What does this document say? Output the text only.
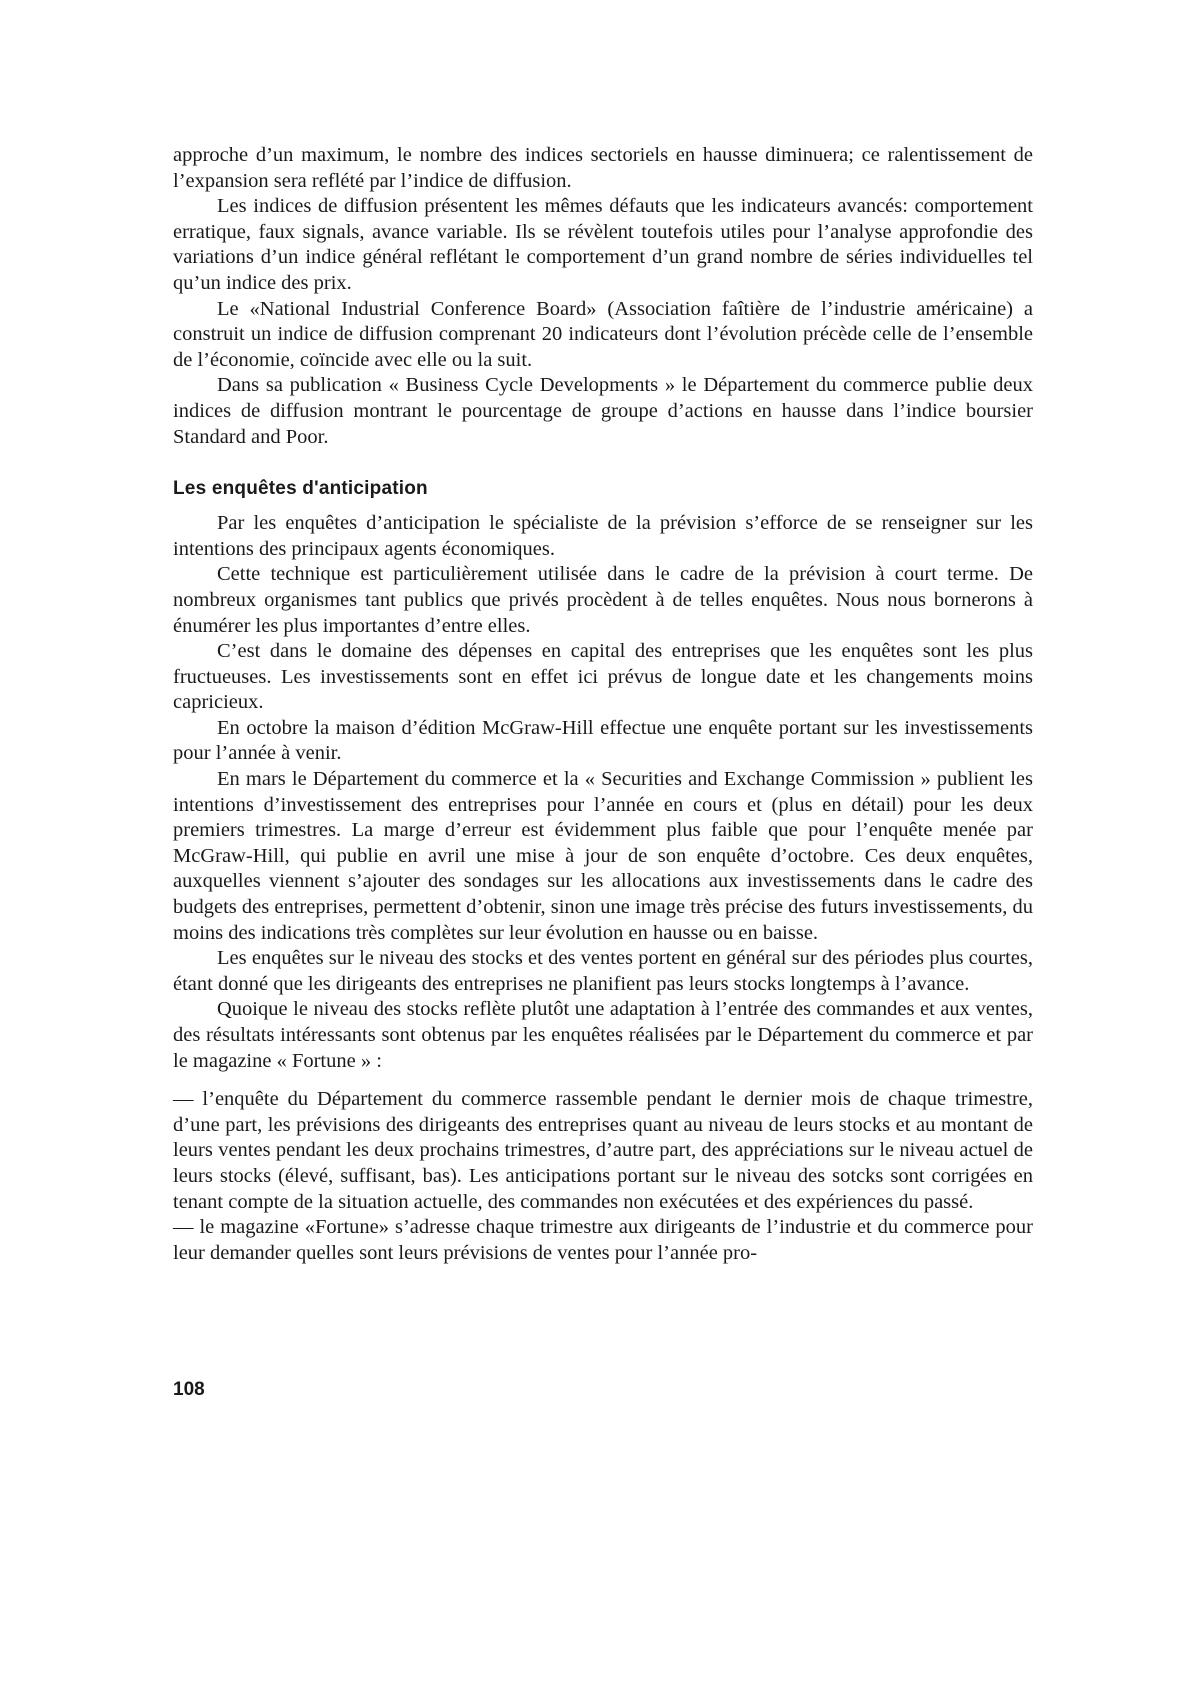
approche d’un maximum, le nombre des indices sectoriels en hausse diminuera; ce ralentissement de l’expansion sera reflété par l’indice de diffusion.

Les indices de diffusion présentent les mêmes défauts que les indicateurs avancés: comportement erratique, faux signals, avance variable. Ils se révèlent toutefois utiles pour l’analyse approfondie des variations d’un indice général reflétant le comportement d’un grand nombre de séries individuelles tel qu’un indice des prix.

Le «National Industrial Conference Board» (Association faîtière de l’industrie américaine) a construit un indice de diffusion comprenant 20 indicateurs dont l’évolution précède celle de l’ensemble de l’économie, coïncide avec elle ou la suit.

Dans sa publication « Business Cycle Developments » le Département du commerce publie deux indices de diffusion montrant le pourcentage de groupe d’actions en hausse dans l’indice boursier Standard and Poor.

Les enquêtes d'anticipation

Par les enquêtes d’anticipation le spécialiste de la prévision s’efforce de se renseigner sur les intentions des principaux agents économiques.

Cette technique est particulièrement utilisée dans le cadre de la prévision à court terme. De nombreux organismes tant publics que privés procèdent à de telles enquêtes. Nous nous bornerons à énumérer les plus importantes d’entre elles.

C’est dans le domaine des dépenses en capital des entreprises que les enquêtes sont les plus fructueuses. Les investissements sont en effet ici prévus de longue date et les changements moins capricieux.

En octobre la maison d’édition McGraw-Hill effectue une enquête portant sur les investissements pour l’année à venir.

En mars le Département du commerce et la « Securities and Exchange Commission » publient les intentions d’investissement des entreprises pour l’année en cours et (plus en détail) pour les deux premiers trimestres. La marge d’erreur est évidemment plus faible que pour l’enquête menée par McGraw-Hill, qui publie en avril une mise à jour de son enquête d’octobre. Ces deux enquêtes, auxquelles viennent s’ajouter des sondages sur les allocations aux investissements dans le cadre des budgets des entreprises, permettent d’obtenir, sinon une image très précise des futurs investissements, du moins des indications très complètes sur leur évolution en hausse ou en baisse.

Les enquêtes sur le niveau des stocks et des ventes portent en général sur des périodes plus courtes, étant donné que les dirigeants des entreprises ne planifient pas leurs stocks longtemps à l’avance.

Quoique le niveau des stocks reflète plutôt une adaptation à l’entrée des commandes et aux ventes, des résultats intéressants sont obtenus par les enquêtes réalisées par le Département du commerce et par le magazine « Fortune » :

— l’enquête du Département du commerce rassemble pendant le dernier mois de chaque trimestre, d’une part, les prévisions des dirigeants des entreprises quant au niveau de leurs stocks et au montant de leurs ventes pendant les deux prochains trimestres, d’autre part, des appréciations sur le niveau actuel de leurs stocks (élevé, suffisant, bas). Les anticipations portant sur le niveau des sotcks sont corrigées en tenant compte de la situation actuelle, des commandes non exécutées et des expériences du passé.

— le magazine «Fortune» s’adresse chaque trimestre aux dirigeants de l’industrie et du commerce pour leur demander quelles sont leurs prévisions de ventes pour l’année pro-

108
